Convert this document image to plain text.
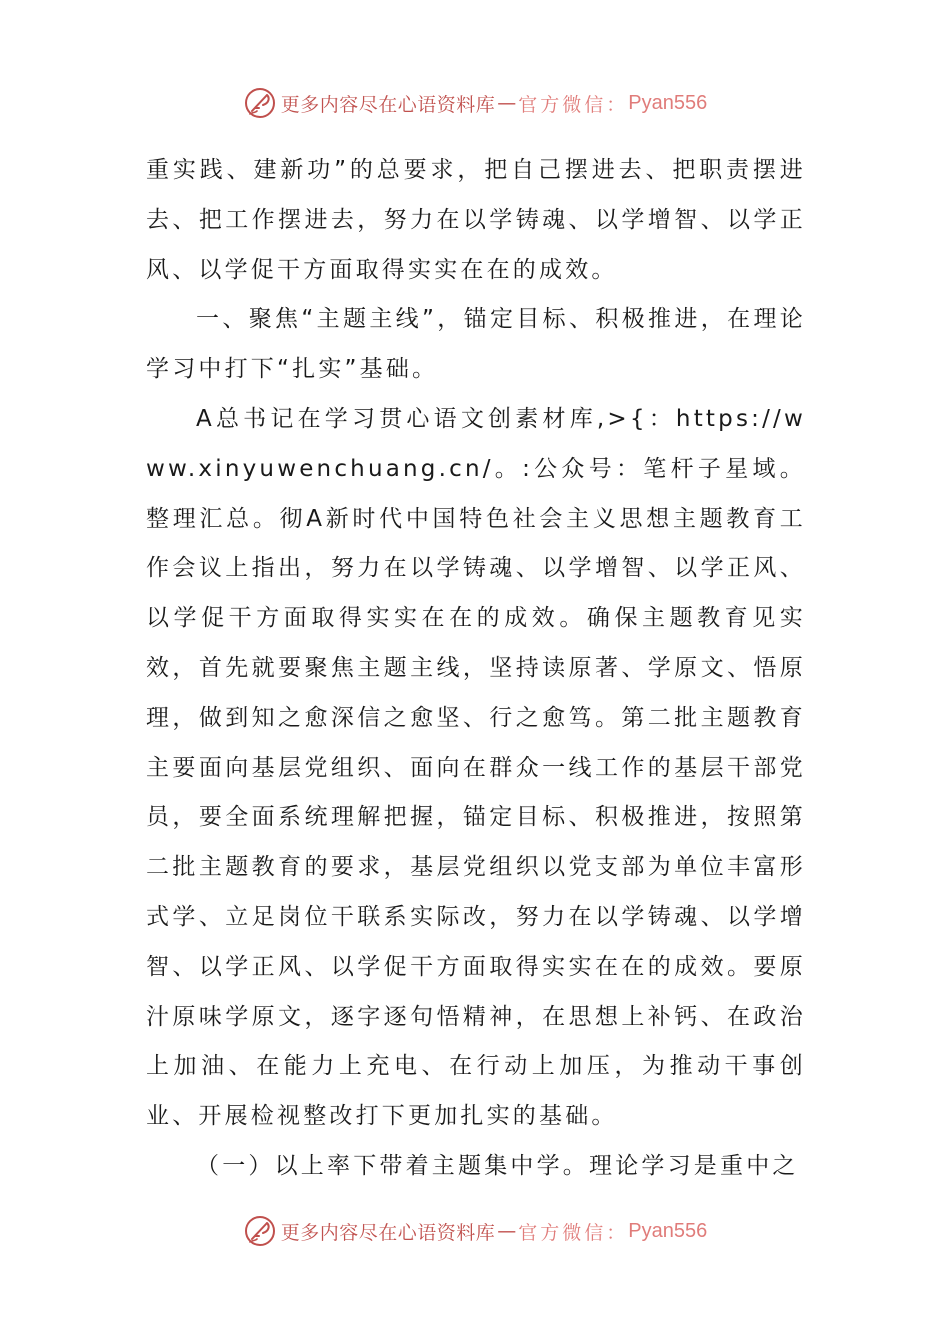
更多内容尽在心语资料库 — 官方微信： Pyan556

重实践、建新功”的总要求，把自己摆进去、把职责摆进去、把工作摆进去，努力在以学铸魂、以学增智、以学正风、以学促干方面取得实实在在的成效。

一、聚焦“主题主线”，锚定目标、积极推进，在理论学习中打下“扎实”基础。

A总书记在学习贯心语文创素材库,>{：https://www.xinyuwenchuang.cn/。:公众号：笔杆子星域。整理汇总。彻A新时代中国特色社会主义思想主题教育工作会议上指出，努力在以学铸魂、以学增智、以学正风、以学促干方面取得实实在在的成效。确保主题教育见实效，首先就要聚焦主题主线，坚持读原著、学原文、悟原理，做到知之愈深信之愈坚、行之愈笃。第二批主题教育主要面向基层党组织、面向在群众一线工作的基层干部党员，要全面系统理解把握，锚定目标、积极推进，按照第二批主题教育的要求，基层党组织以党支部为单位丰富形式学、立足岗位干联系实际改，努力在以学铸魂、以学增智、以学正风、以学促干方面取得实实在在的成效。要原汁原味学原文，逐字逐句悟精神，在思想上补钙、在政治上加油、在能力上充电、在行动上加压，为推动干事创业、开展检视整改打下更加扎实的基础。

（一）以上率下带着主题集中学。理论学习是重中之

更多内容尽在心语资料库 — 官方微信： Pyan556
